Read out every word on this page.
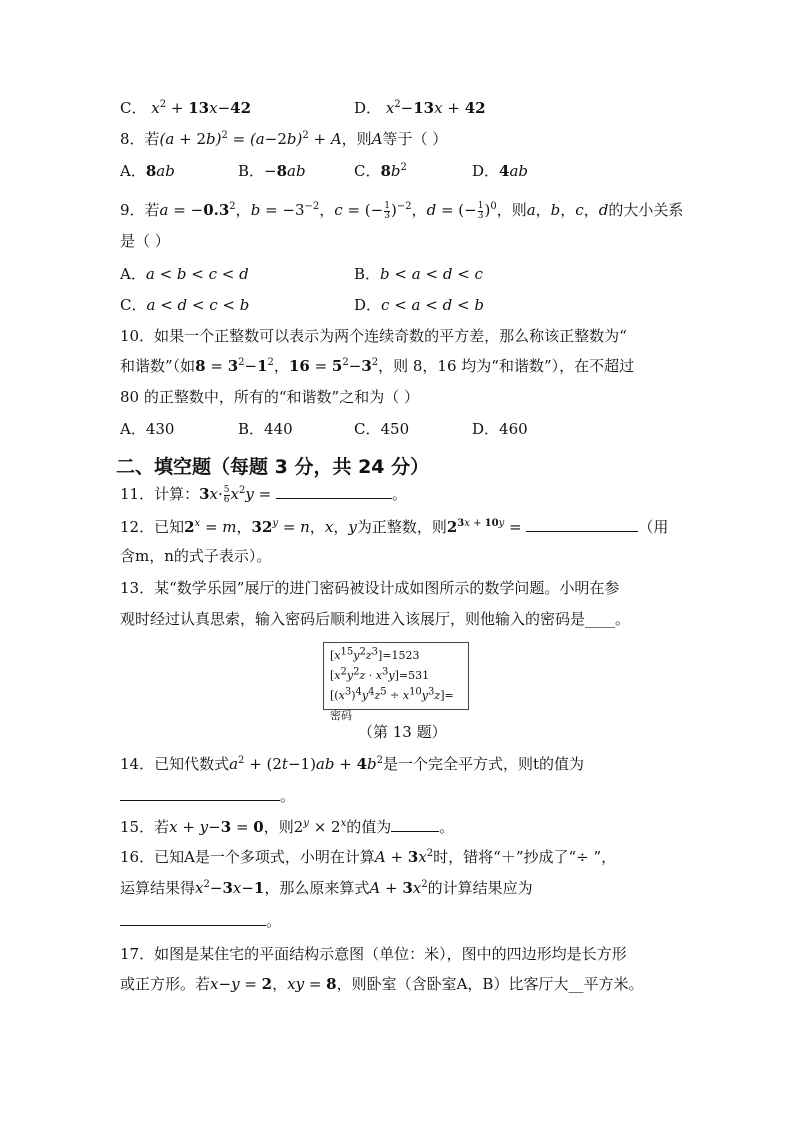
C． $x^2 + 13x-42$	D． $x^2-13x + 42$
8．若$(a + 2b)^2 = (a-2b)^2 + A$，则A等于（ ）
A．8ab	B．−8ab	C．$8b^2$	D．4ab
9．若$a = -0.3^2$，$b = -3^{-2}$，c = (− $\frac{1}{3} )^{-2}$，d = (− $\frac{1}{3} )^0$，则a，b，c，d的大小关系
是（ ）
A．a < b < c < d	B．b < a < d < c
C．a < d < c < b	D．c < a < d < b
10．如果一个正整数可以表示为两个连续奇数的平方差，那么称该正整数为“
和谐数”（如$8 = 3^2-1^2$，$16 = 5^2-3^2$，则 8，16 均为“和谐数”），在不超过
80 的正整数中，所有的“和谐数”之和为（ ）
A．430	B．440	C．450	D．460
二、填空题（每题 3 分，共 24 分）
11．计算：$3x\cdot \frac{5}{6} x^2y$ =	。
12．已知$2^x = m$，$32^y = n$，x，y为正整数，则$2^{3x + 10y}$ =	（用
含m，n的式子表示）。
13．某“数学乐园”展厅的进门密码被设计成如图所示的数学问题。小明在参
观时经过认真思索，输入密码后顺利地进入该展厅，则他输入的密码是____。
$[x^{15}y^2z^3]=1523$
$[x^2y^2z \cdot x^3y]=531$
$[(x^3)^4y^4z^5 \div x^{10}y^3z]=$密码
（第 13 题）
14．已知代数式$a^2 + (2t-1)ab + 4b^2$是一个完全平方式，则t的值为
。
15．若x + y−3 = 0，则$2^y \times 2^x$的值为	。
16．已知A是一个多项式，小明在计算$A + 3x^2$时，错将“＋”抄成了“÷ ”，
运算结果得$x^2-3x-1$，那么原来算式$A + 3x^2$的计算结果应为
。
17．如图是某住宅的平面结构示意图（单位：米），图中的四边形均是长方形
或正方形。若x−y = 2，xy = 8，则卧室（含卧室A，B）比客厅大__平方米。
